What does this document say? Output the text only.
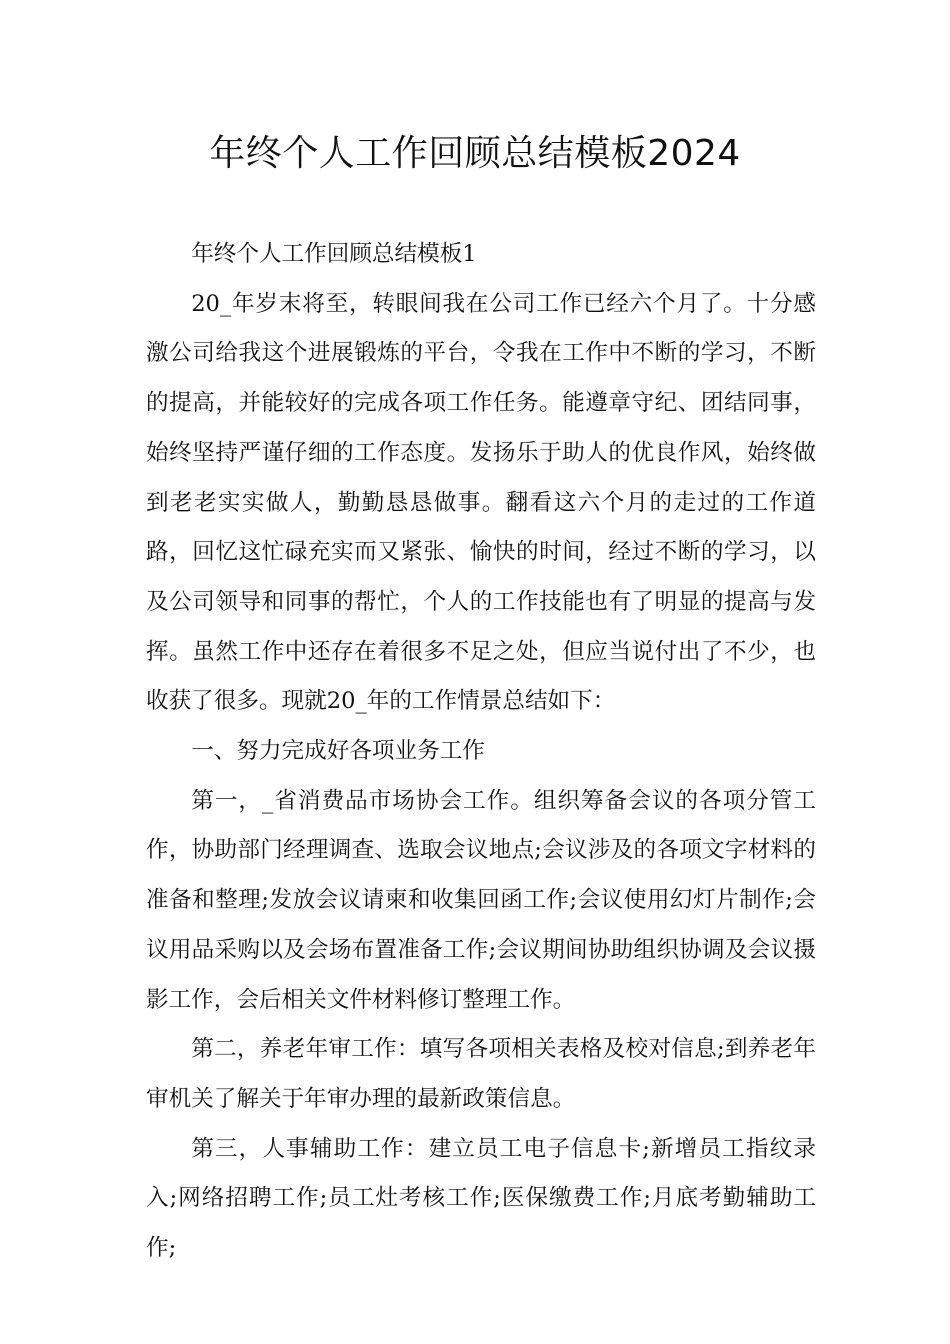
年终个人工作回顾总结模板2024

年终个人工作回顾总结模板1

20_年岁末将至，转眼间我在公司工作已经六个月了。十分感激公司给我这个进展锻炼的平台，令我在工作中不断的学习，不断的提高，并能较好的完成各项工作任务。能遵章守纪、团结同事，始终坚持严谨仔细的工作态度。发扬乐于助人的优良作风，始终做到老老实实做人，勤勤恳恳做事。翻看这六个月的走过的工作道路，回忆这忙碌充实而又紧张、愉快的时间，经过不断的学习，以及公司领导和同事的帮忙，个人的工作技能也有了明显的提高与发挥。虽然工作中还存在着很多不足之处，但应当说付出了不少，也收获了很多。现就20_年的工作情景总结如下：

一、努力完成好各项业务工作

第一，_省消费品市场协会工作。组织筹备会议的各项分管工作，协助部门经理调查、选取会议地点;会议涉及的各项文字材料的准备和整理;发放会议请柬和收集回函工作;会议使用幻灯片制作;会议用品采购以及会场布置准备工作;会议期间协助组织协调及会议摄影工作，会后相关文件材料修订整理工作。

第二，养老年审工作：填写各项相关表格及校对信息;到养老年审机关了解关于年审办理的最新政策信息。

第三，人事辅助工作：建立员工电子信息卡;新增员工指纹录入;网络招聘工作;员工灶考核工作;医保缴费工作;月底考勤辅助工作;
